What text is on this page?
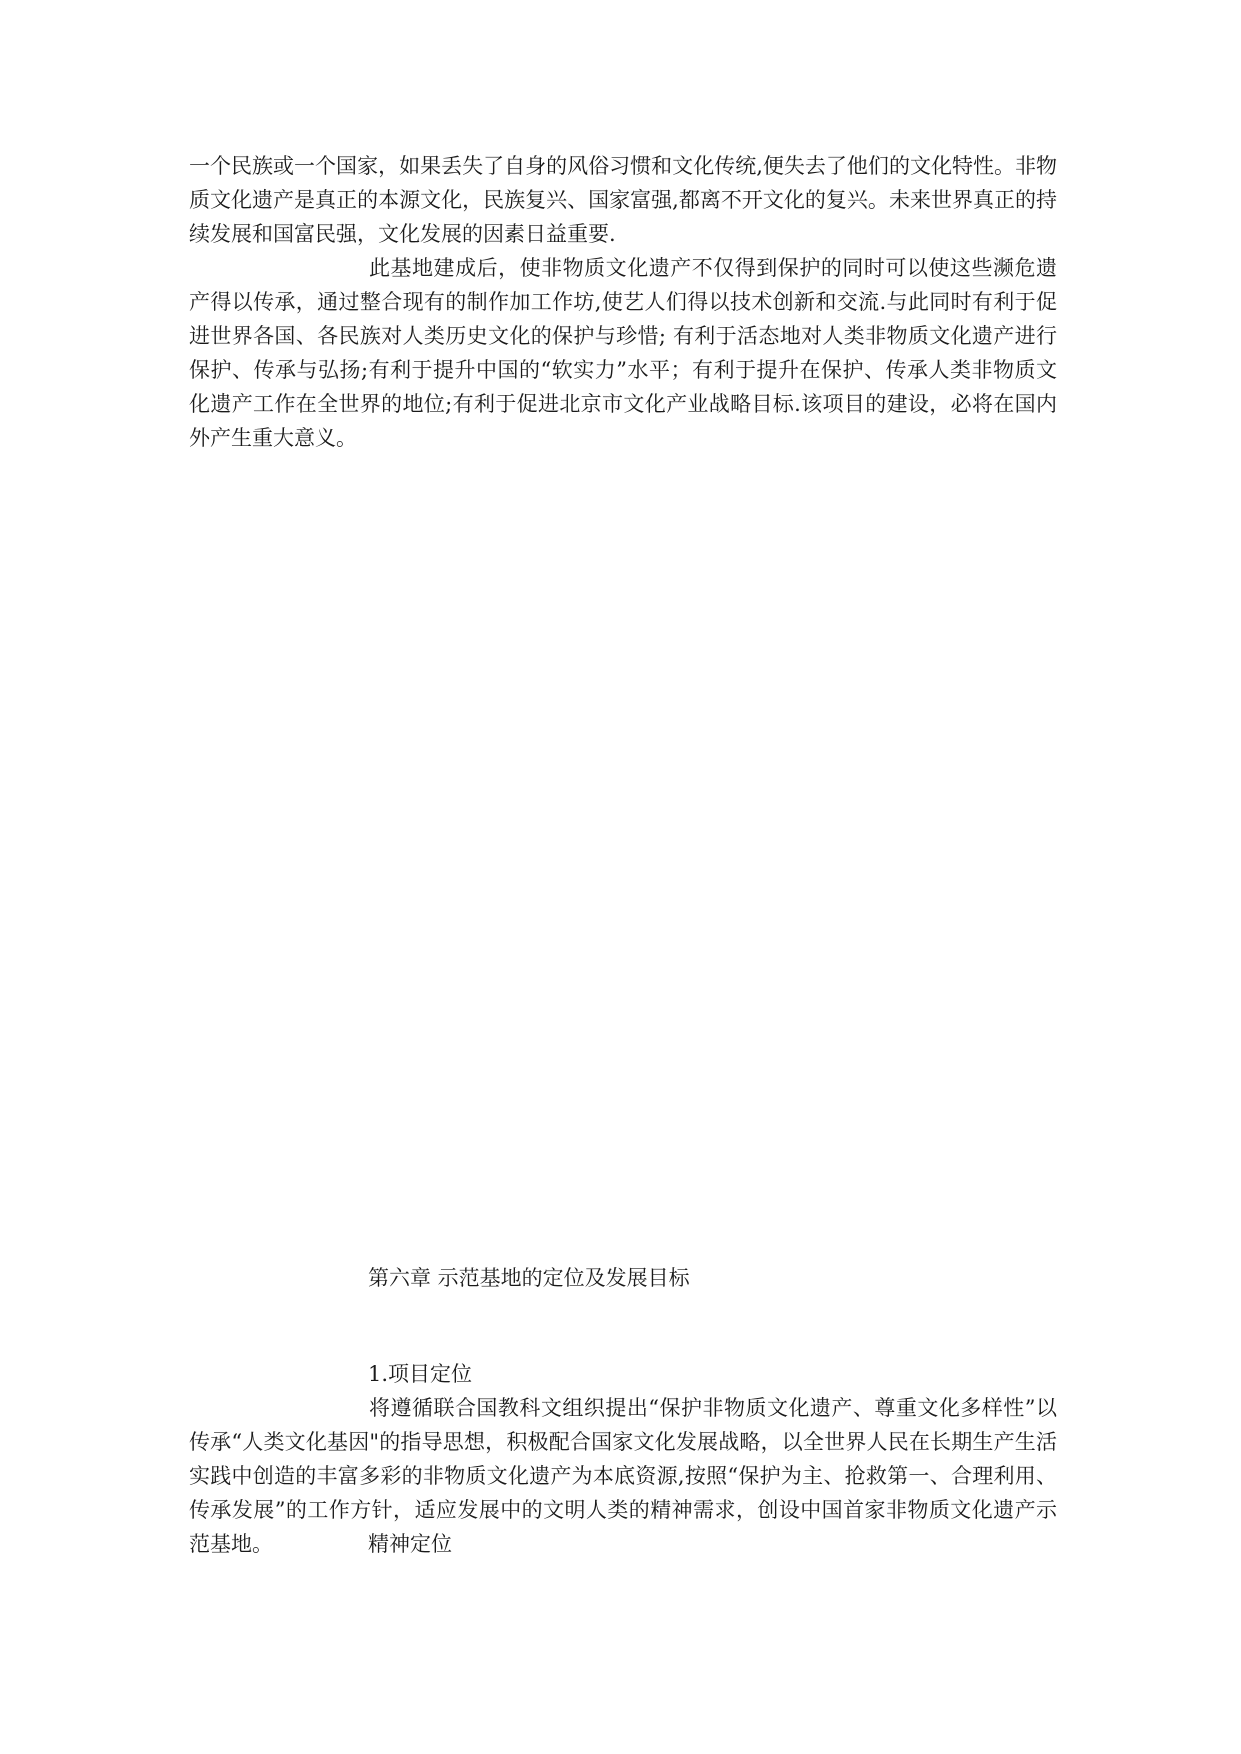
一个民族或一个国家，如果丢失了自身的风俗习惯和文化传统,便失去了他们的文化特性。非物质文化遗产是真正的本源文化，民族复兴、国家富强,都离不开文化的复兴。未来世界真正的持续发展和国富民强，文化发展的因素日益重要.

此基地建成后，使非物质文化遗产不仅得到保护的同时可以使这些濒危遗产得以传承，通过整合现有的制作加工作坊,使艺人们得以技术创新和交流.与此同时有利于促进世界各国、各民族对人类历史文化的保护与珍惜; 有利于活态地对人类非物质文化遗产进行保护、传承与弘扬;有利于提升中国的“软实力”水平；有利于提升在保护、传承人类非物质文化遗产工作在全世界的地位;有利于促进北京市文化产业战略目标.该项目的建设，必将在国内外产生重大意义。

第六章 示范基地的定位及发展目标

1.项目定位

将遵循联合国教科文组织提出“保护非物质文化遗产、尊重文化多样性”以传承“人类文化基因"的指导思想，积极配合国家文化发展战略，以全世界人民在长期生产生活实践中创造的丰富多彩的非物质文化遗产为本底资源,按照“保护为主、抢救第一、合理利用、传承发展”的工作方针，适应发展中的文明人类的精神需求，创设中国首家非物质文化遗产示范基地。	精神定位
